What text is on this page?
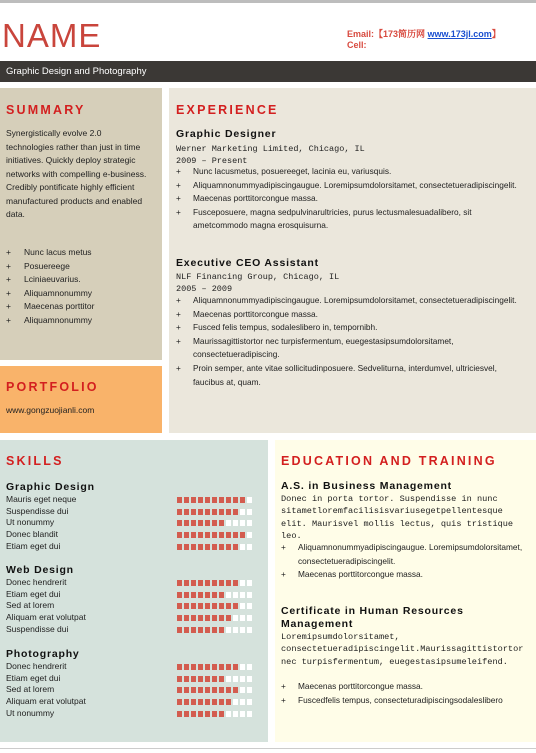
NAME	Email:【173简历网 www.173jl.com】
Cell:
Graphic Design and Photography
SUMMARY
Synergistically evolve 2.0 technologies rather than just in time initiatives. Quickly deploy strategic networks with compelling e-business. Credibly pontificate highly efficient manufactured products and enabled data.
+ Nunc lacus metus
+ Posuereege
+ Lciniaeuvarius.
+ Aliquamnonummy
+ Maecenas porttitor
+ Aliquamnonummy
PORTFOLIO
www.gongzuojianli.com
EXPERIENCE
Graphic Designer
Werner Marketing Limited, Chicago, IL
2009 – Present
+ Nunc lacusmetus, posuereeget, lacinia eu, variusquis.
+ Aliquamnonummyadipiscingaugue. Loremipsumdolorsitamet, consectetueradipiscingelit.
+ Maecenas porttitorcongue massa.
+ Fusceposuere, magna sedpulvinarultricies, purus lectusmalesuadalibero, sit ametcommodo magna erosquisurna.
Executive CEO Assistant
NLF Financing Group, Chicago, IL
2005 – 2009
+ Aliquamnonummyadipiscingaugue. Loremipsumdolorsitamet, consectetueradipiscingelit.
+ Maecenas porttitorcongue massa.
+ Fusced felis tempus, sodaleslibero in, tempornibh.
+ Maurissagittistortor nec turpisfermentum, euegestasipsumdolorsitamet, consectetueradipiscing.
+ Proin semper, ante vitae sollicitudinposuere. Sedveliturna, interdumvel, ultriciesvel, faucibus at, quam.
SKILLS
Graphic Design
Mauris eget neque
Suspendisse dui
Ut nonummy
Donec blandit
Etiam eget dui
Web Design
Donec hendrerit
Etiam eget dui
Sed at lorem
Aliquam erat volutpat
Suspendisse dui
Photography
Donec hendrerit
Etiam eget dui
Sed at lorem
Aliquam erat volutpat
Ut nonummy
EDUCATION AND TRAINING
A.S. in Business Management
Donec in porta tortor. Suspendisse in nunc sitametloremfacilisisvariusegetpellentesque elit. Maurisvel mollis lectus, quis tristique leo.
+ Aliquamnonummyadipiscingaugue. Loremipsumdolorsitamet, consectetueradipiscingelit.
+ Maecenas porttitorcongue massa.
Certificate in Human Resources Management
Loremipsumdolorsitamet, consectetueradipiscingelit.Maurissagittistortor nec turpisfermentum, euegestasipsumeleifend.
+ Maecenas porttitorcongue massa.
+ Fuscedfelis tempus, consecteturadipiscingsodaleslibero
